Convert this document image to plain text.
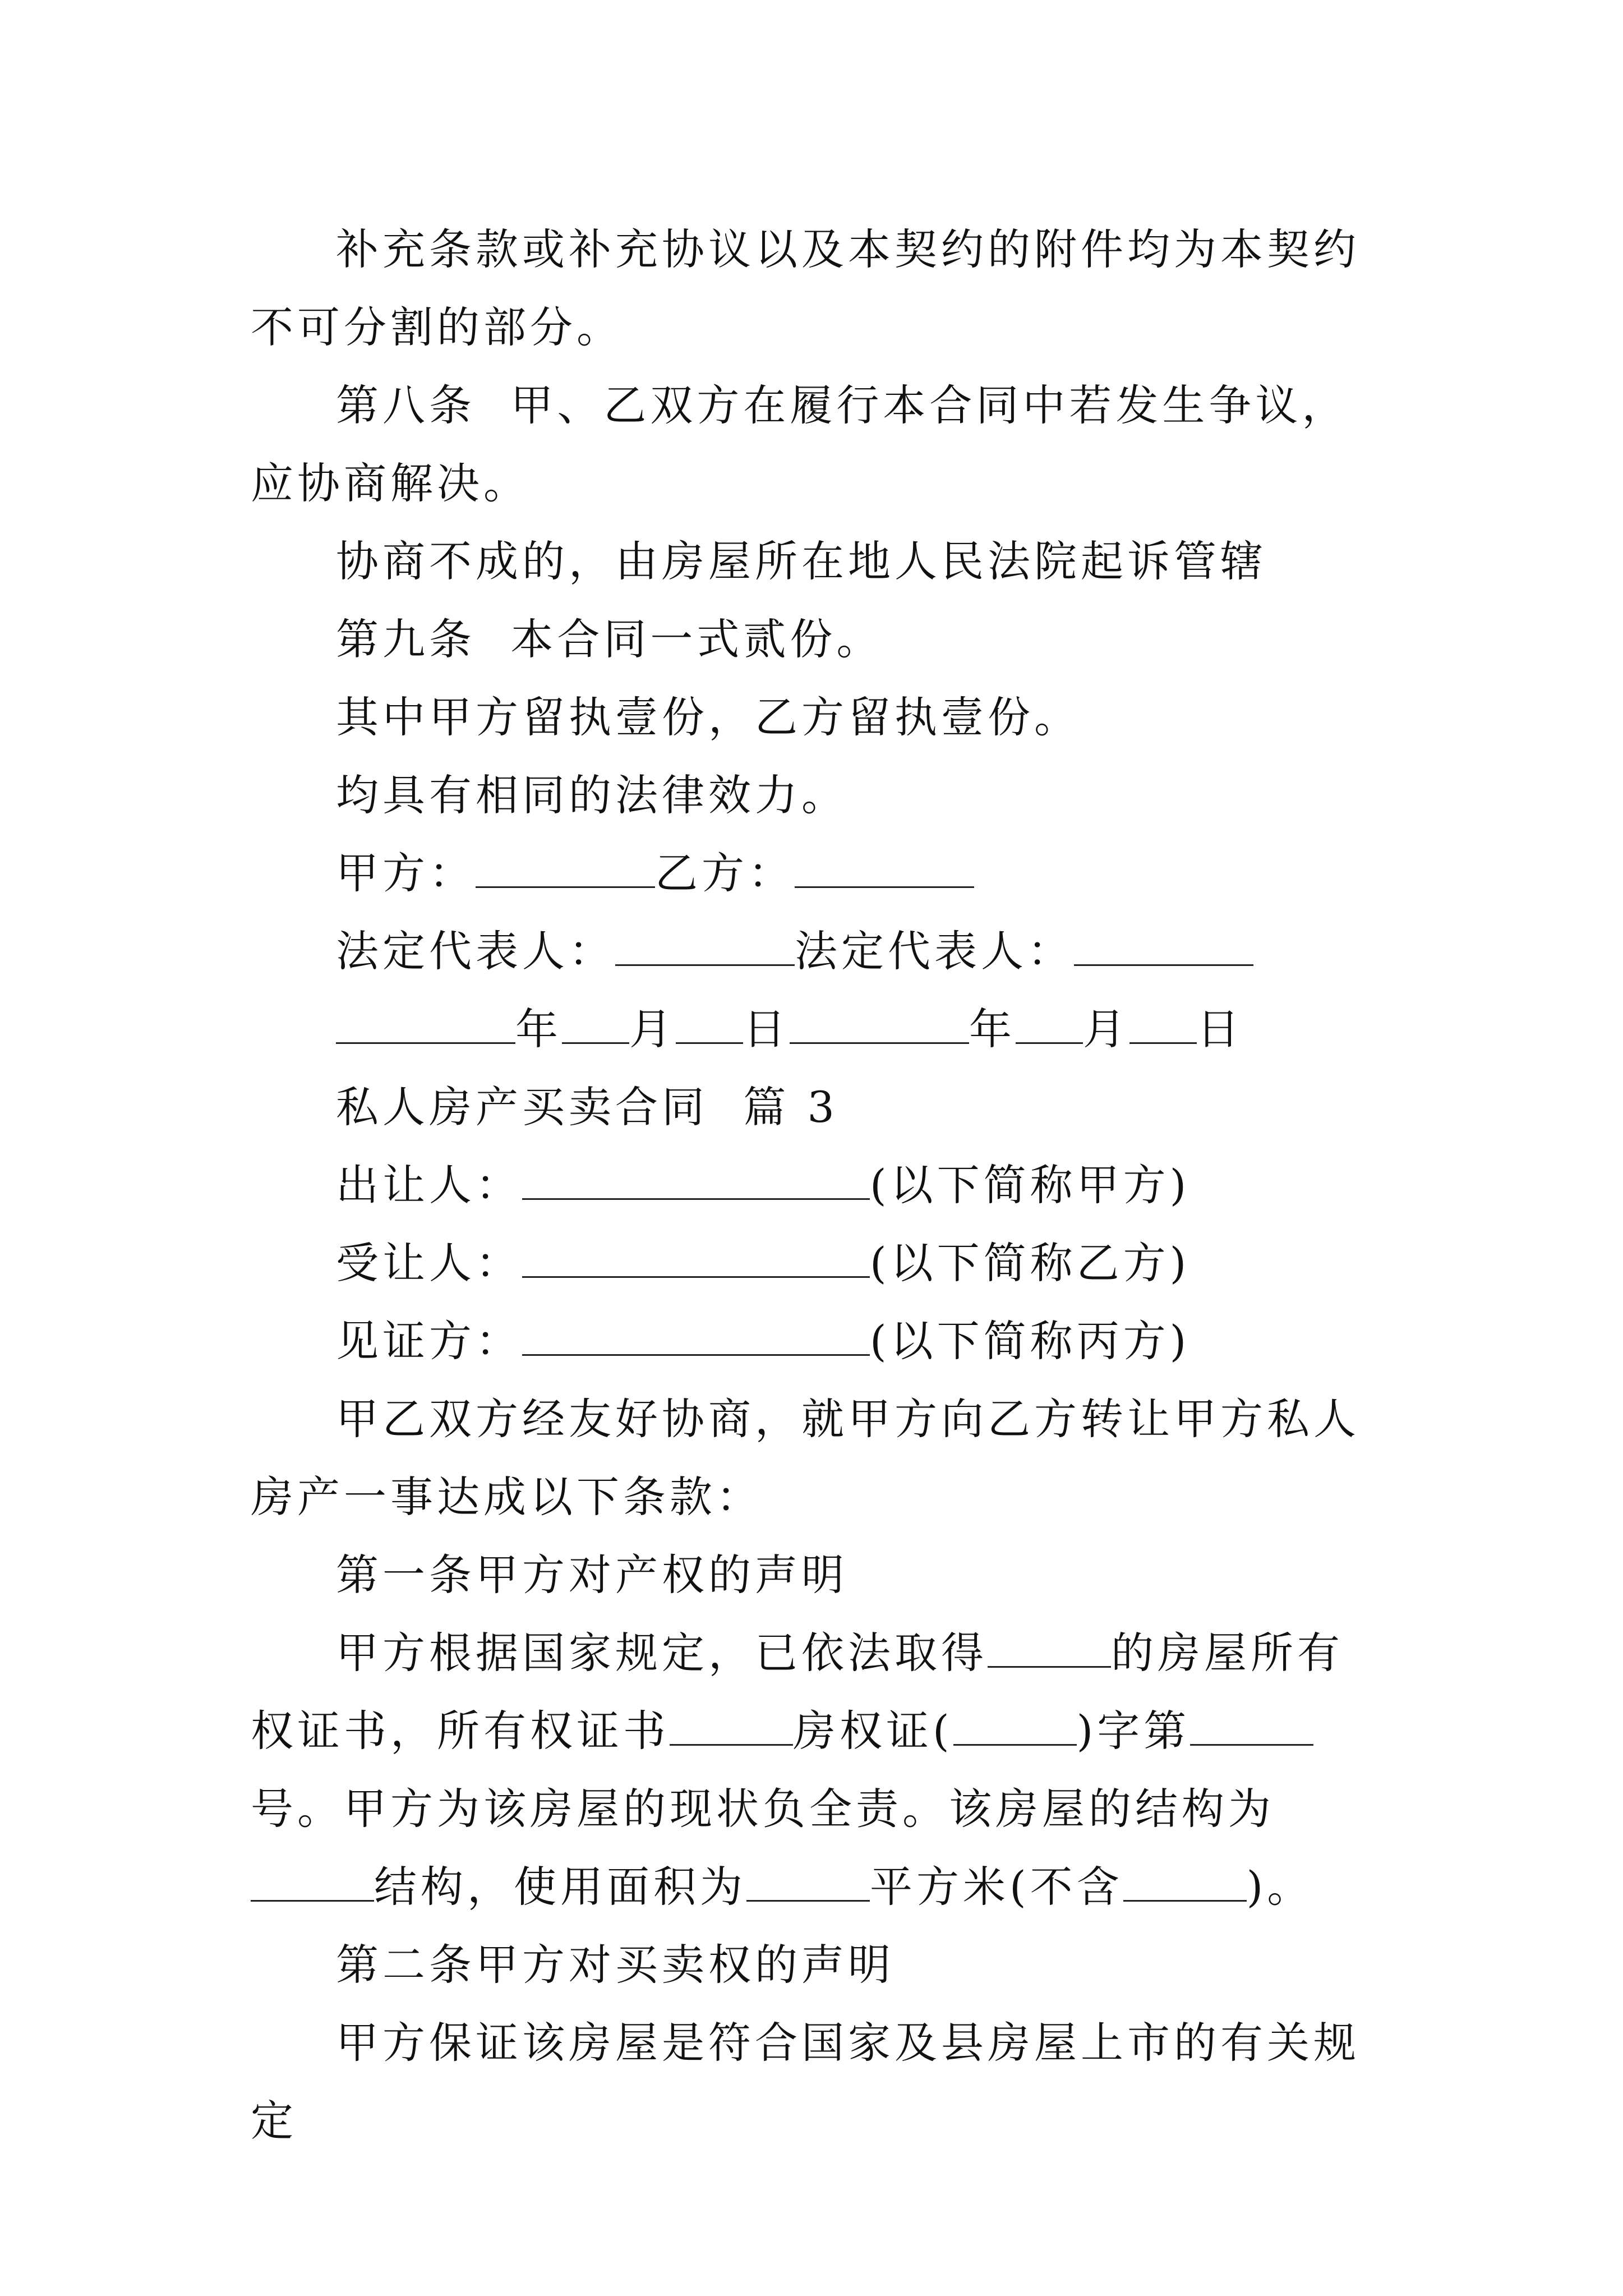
补充条款或补充协议以及本契约的附件均为本契约不可分割的部分。

第八条  甲、乙双方在履行本合同中若发生争议，应协商解决。

协商不成的，由房屋所在地人民法院起诉管辖

第九条  本合同一式贰份。

其中甲方留执壹份，乙方留执壹份。

均具有相同的法律效力。

甲方：	乙方：

法定代表人：	法定代表人：

年 月 日	年 月 日

私人房产买卖合同  篇 3

出让人：	(以下简称甲方)

受让人：	(以下简称乙方)

见证方：	(以下简称丙方)

甲乙双方经友好协商，就甲方向乙方转让甲方私人房产一事达成以下条款：

第一条甲方对产权的声明

甲方根据国家规定，已依法取得	的房屋所有权证书，所有权证书	房权证(	)字第号。甲方为该房屋的现状负全责。该房屋的结构为结构，使用面积为	平方米(不含	)。

第二条甲方对买卖权的声明

甲方保证该房屋是符合国家及县房屋上市的有关规定
